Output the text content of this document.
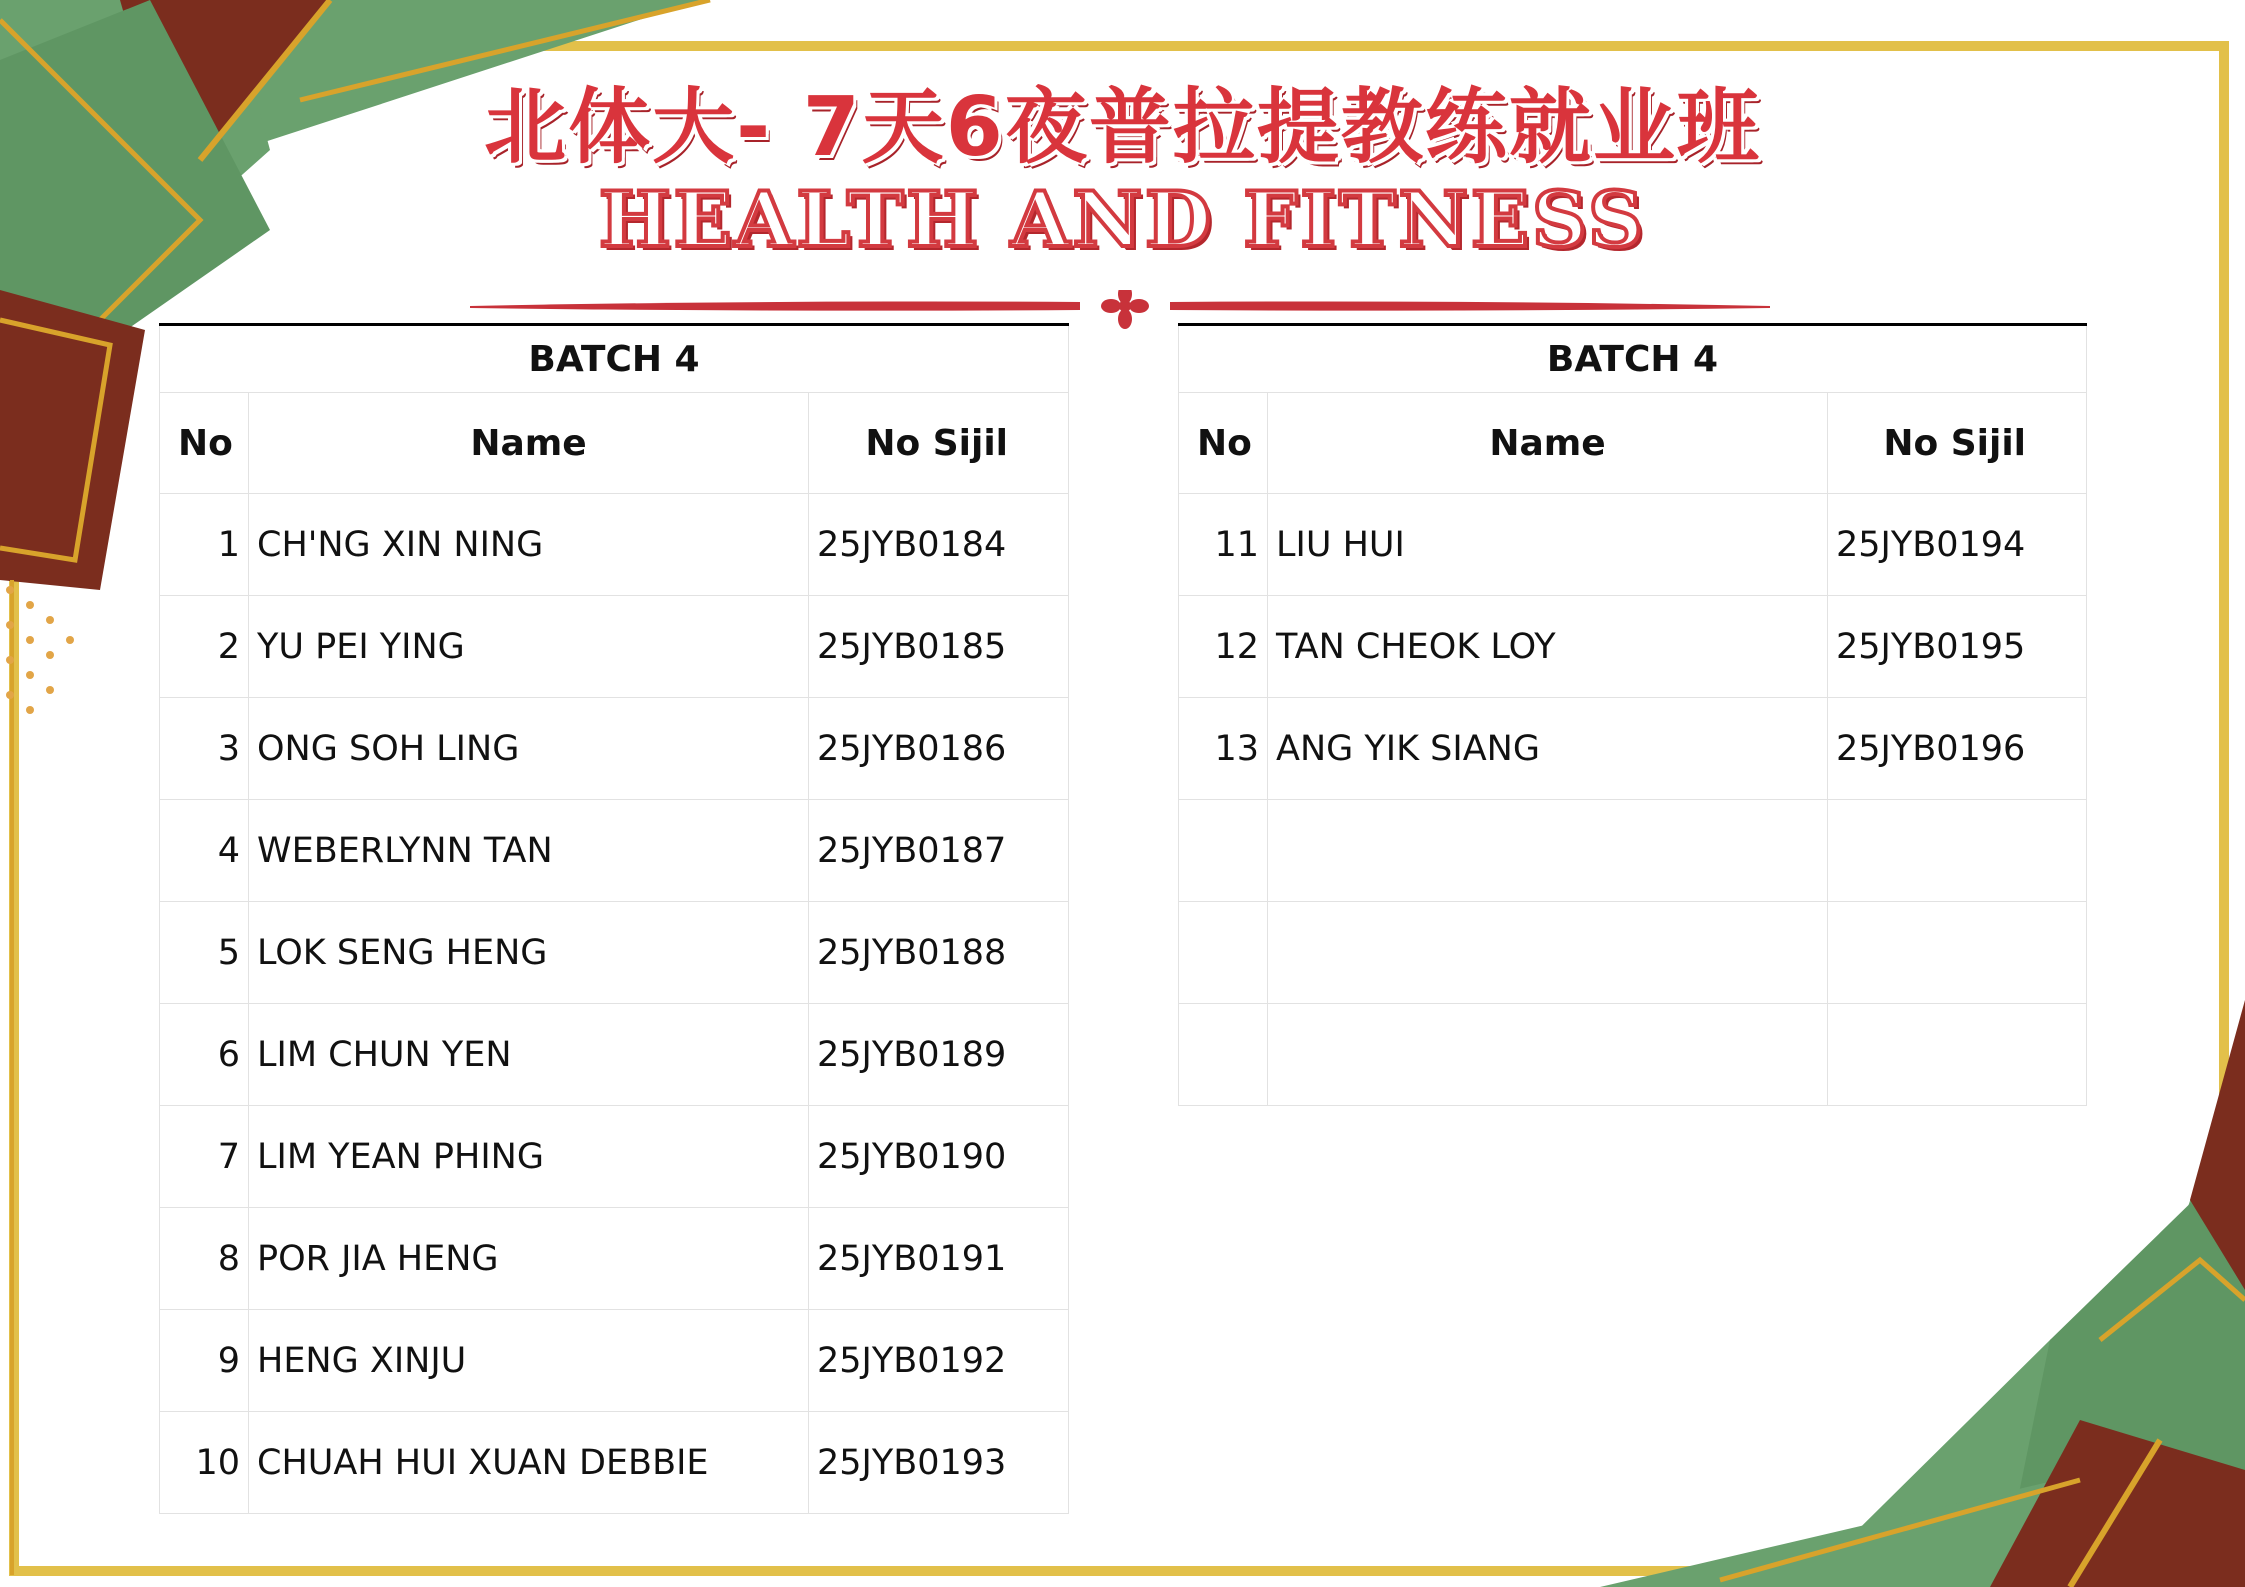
北体大- 7天6夜普拉提教练就业班
HEALTH AND FITNESS
BATCH 4		
No	Name	No Sijil
1	CH'NG XIN NING	25JYB0184
2	YU PEI YING	25JYB0185
3	ONG SOH LING	25JYB0186
4	WEBERLYNN TAN	25JYB0187
5	LOK SENG HENG	25JYB0188
6	LIM CHUN YEN	25JYB0189
7	LIM YEAN PHING	25JYB0190
8	POR JIA HENG	25JYB0191
9	HENG XINJU	25JYB0192
10	CHUAH HUI XUAN DEBBIE	25JYB0193
BATCH 4		
No	Name	No Sijil
11	LIU HUI	25JYB0194
12	TAN CHEOK LOY	25JYB0195
13	ANG YIK SIANG	25JYB0196
